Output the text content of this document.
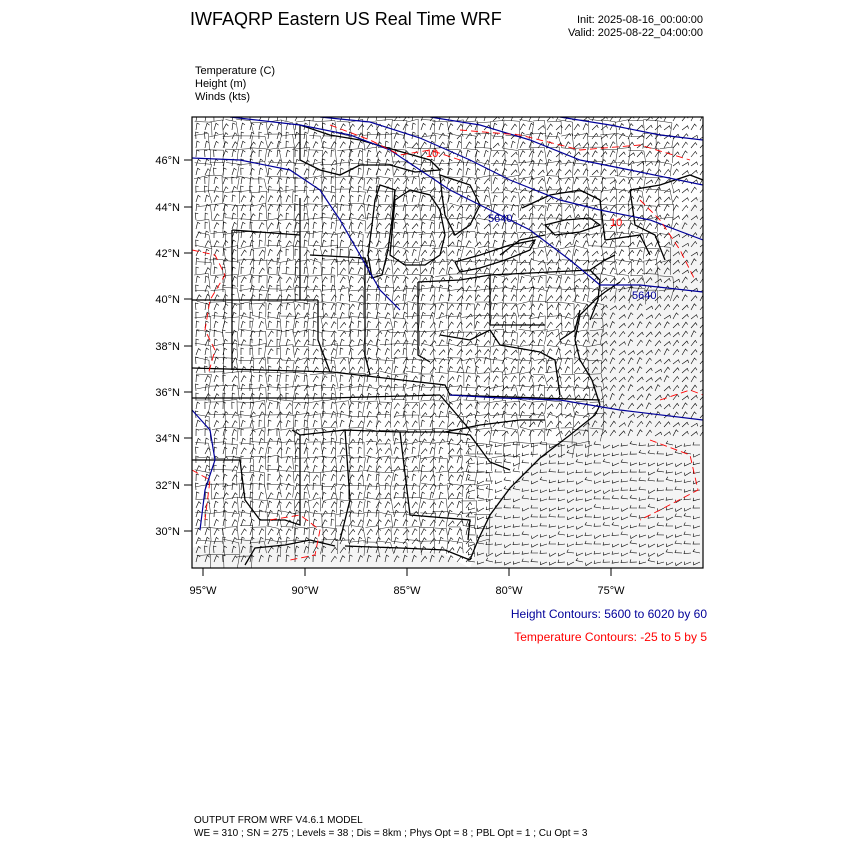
IWFAQRP Eastern US Real Time WRF	Init: 2025-08-16_00:00:00
Valid: 2025-08-22_04:00:00
Temperature (C)
Height (m)
Winds (kts)
5640
5640
10
10
46°N
44°N
42°N
40°N
38°N
36°N
34°N
32°N
30°N
95°W	90°W	85°W	80°W	75°W
Height Contours: 5600 to 6020 by 60
Temperature Contours: -25 to 5 by 5
OUTPUT FROM WRF V4.6.1 MODEL
WE = 310 ; SN = 275 ; Levels = 38 ; Dis = 8km ; Phys Opt = 8 ; PBL Opt = 1 ; Cu Opt = 3
